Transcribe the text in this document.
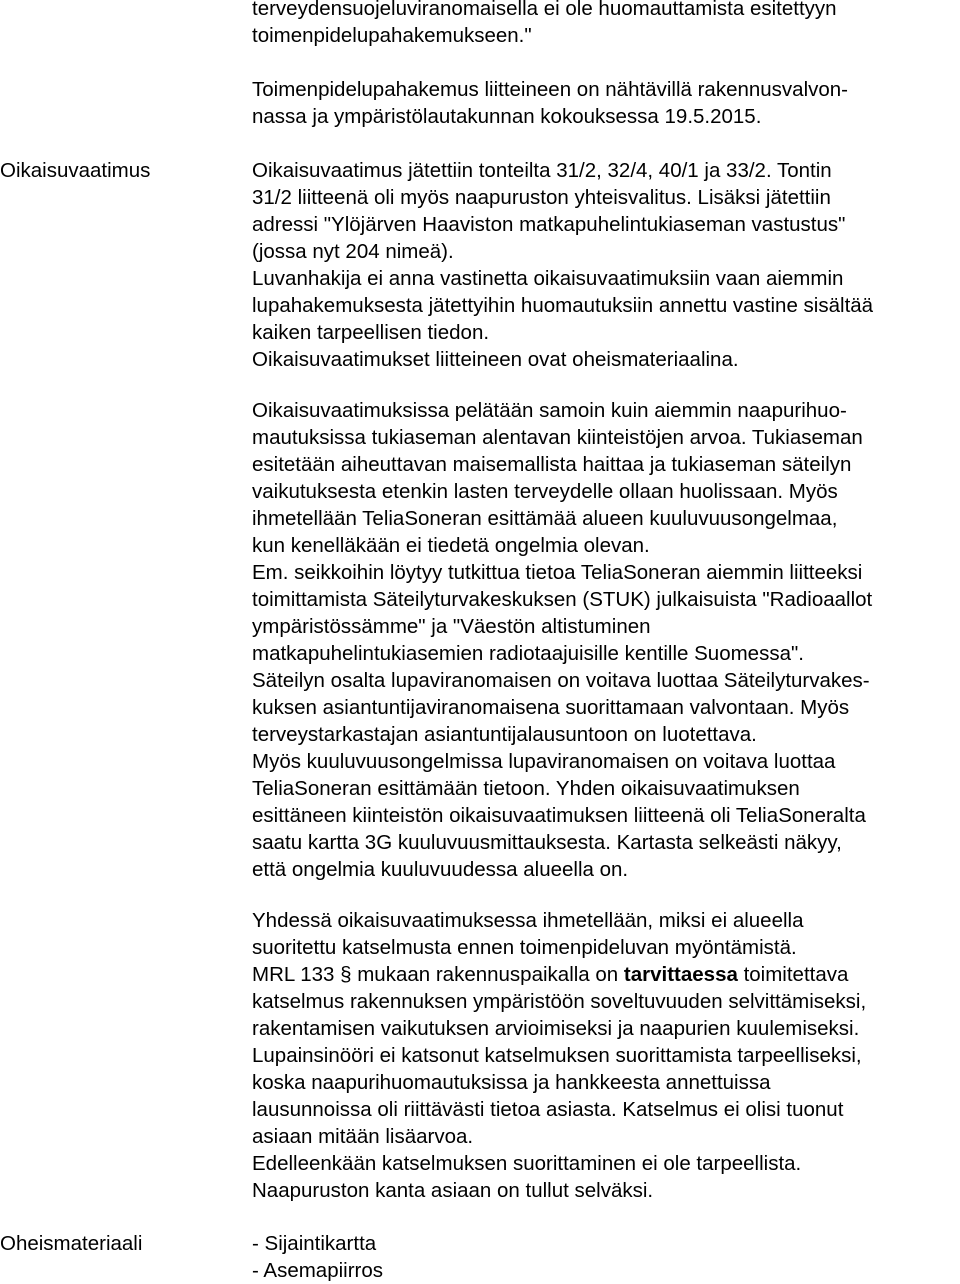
terveydensuojeluviranomaisella ei ole huomauttamista esitettyyn
toimenpidelupahakemukseen."
Toimenpidelupahakemus liitteineen on nähtävillä rakennusvalvon-
nassa ja ympäristölautakunnan kokouksessa 19.5.2015.
Oikaisuvaatimus	Oikaisuvaatimus jätettiin tonteilta 31/2, 32/4, 40/1 ja 33/2. Tontin
31/2 liitteenä oli myös naapuruston yhteisvalitus. Lisäksi jätettiin
adressi "Ylöjärven Haaviston matkapuhelintukiaseman vastustus"
(jossa nyt 204 nimeä).
Luvanhakija ei anna vastinetta oikaisuvaatimuksiin vaan aiemmin
lupahakemuksesta jätettyihin huomautuksiin annettu vastine sisältää
kaiken tarpeellisen tiedon.
Oikaisuvaatimukset liitteineen ovat oheismateriaalina.
Oikaisuvaatimuksissa pelätään samoin kuin aiemmin naapurihuo-
mautuksissa tukiaseman alentavan kiinteistöjen arvoa. Tukiaseman
esitetään aiheuttavan maisemallista haittaa ja tukiaseman säteilyn
vaikutuksesta etenkin lasten terveydelle ollaan huolissaan. Myös
ihmetellään TeliaSoneran esittämää alueen kuuluvuusongelmaa,
kun kenelläkään ei tiedetä ongelmia olevan.
Em. seikkoihin löytyy tutkittua tietoa TeliaSoneran aiemmin liitteeksi
toimittamista Säteilyturvakeskuksen (STUK) julkaisuista "Radioaallot
ympäristössämme" ja "Väestön altistuminen
matkapuhelintukiasemien radiotaajuisille kentille Suomessa".
Säteilyn osalta lupaviranomaisen on voitava luottaa Säteilyturvakes-
kuksen asiantuntijaviranomaisena suorittamaan valvontaan. Myös
terveystarkastajan asiantuntijalausuntoon on luotettava.
Myös kuuluvuusongelmissa lupaviranomaisen on voitava luottaa
TeliaSoneran esittämään tietoon. Yhden oikaisuvaatimuksen
esittäneen kiinteistön oikaisuvaatimuksen liitteenä oli TeliaSoneralta
saatu kartta 3G kuuluvuusmittauksesta. Kartasta selkeästi näkyy,
että ongelmia kuuluvuudessa alueella on.
Yhdessä oikaisuvaatimuksessa ihmetellään, miksi ei alueella
suoritettu katselmusta ennen toimenpideluvan myöntämistä.
MRL 133 § mukaan rakennuspaikalla on tarvittaessa toimitettava
katselmus rakennuksen ympäristöön soveltuvuuden selvittämiseksi,
rakentamisen vaikutuksen arvioimiseksi ja naapurien kuulemiseksi.
Lupainsinööri ei katsonut katselmuksen suorittamista tarpeelliseksi,
koska naapurihuomautuksissa ja hankkeesta annettuissa
lausunnoissa oli riittävästi tietoa asiasta. Katselmus ei olisi tuonut
asiaan mitään lisäarvoa.
Edelleenkään katselmuksen suorittaminen ei ole tarpeellista.
Naapuruston kanta asiaan on tullut selväksi.
Oheismateriaali	- Sijaintikartta
- Asemapiirros
